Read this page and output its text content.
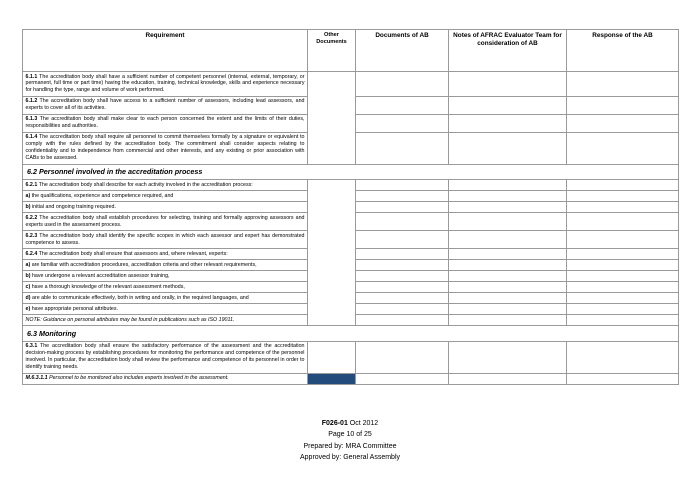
Requirement	Other Documents	Documents of AB	Notes of AFRAC Evaluator Team for consideration of AB	Response of the AB
6.1.1 The accreditation body shall have a sufficient number of competent personnel (internal, external, temporary, or permanent, full time or part time) having the education, training, technical knowledge, skills and experience necessary for handling the type, range and volume of work performed.				
6.1.2 The accreditation body shall have access to a sufficient number of assessors, including lead assessors, and experts to cover all of its activities.				
6.1.3 The accreditation body shall make clear to each person concerned the extent and the limits of their duties, responsibilities and authorities.				
6.1.4 The accreditation body shall require all personnel to commit themselves formally by a signature or equivalent to comply with the rules defined by the accreditation body. The commitment shall consider aspects relating to confidentiality and to independence from commercial and other interests, and any existing or prior association with CABs to be assessed.				
6.2 Personnel involved in the accreditation process				
6.2.1 The accreditation body shall describe for each activity involved in the accreditation process:				
a) the qualifications, experience and competence required, and				
b) initial and ongoing training required.				
6.2.2 The accreditation body shall establish procedures for selecting, training and formally approving assessors and experts used in the assessment process.				
6.2.3 The accreditation body shall identify the specific scopes in which each assessor and expert has demonstrated competence to assess.				
6.2.4 The accreditation body shall ensure that assessors and, where relevant, experts:				
a) are familiar with accreditation procedures, accreditation criteria and other relevant requirements,				
b) have undergone a relevant accreditation assessor training,				
c) have a thorough knowledge of the relevant assessment methods,				
d) are able to communicate effectively, both in writing and orally, in the required languages, and				
e) have appropriate personal attributes.				
NOTE: Guidance on personal attributes may be found in publications such as ISO 19011.				
6.3 Monitoring				
6.3.1 The accreditation body shall ensure the satisfactory performance of the assessment and the accreditation decision-making process by establishing procedures for monitoring the performance and competence of the personnel involved. In particular, the accreditation body shall review the performance and competence of its personnel in order to identify training needs.				
M.6.3.1.1 Personnel to be monitored also includes experts involved in the assessment.				
F026-01 Oct 2012
Page 10 of 25
Prepared by: MRA Committee
Approved by: General Assembly
